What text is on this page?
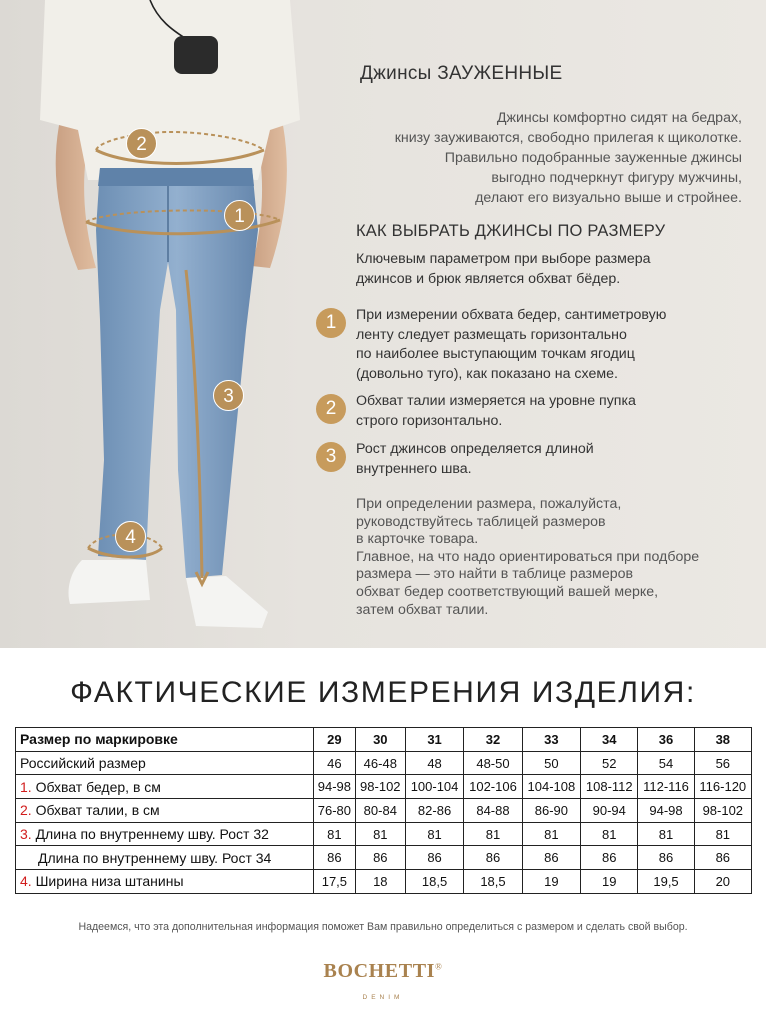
2
1
3
4
Джинсы ЗАУЖЕННЫЕ
Джинсы комфортно сидят на бедрах,
книзу зауживаются, свободно прилегая к щиколотке.
Правильно подобранные зауженные джинсы
выгодно подчеркнут фигуру мужчины,
делают его визуально выше и стройнее.
КАК ВЫБРАТЬ ДЖИНСЫ ПО РАЗМЕРУ
Ключевым параметром при выборе размера
джинсов и брюк является обхват бёдер.
1	При измерении обхвата бедер, сантиметровую
ленту следует размещать горизонтально
по наиболее выступающим точкам ягодиц
(довольно туго), как показано на схеме.
2	Обхват талии измеряется на уровне пупка
строго горизонтально.
3	Рост джинсов определяется длиной
внутреннего шва.
При определении размера, пожалуйста,
руководствуйтесь таблицей размеров
в карточке товара.
Главное, на что надо ориентироваться при подборе
размера — это найти в таблице размеров
обхват бедер соответствующий вашей мерке,
затем обхват талии.
ФАКТИЧЕСКИЕ ИЗМЕРЕНИЯ ИЗДЕЛИЯ:
Размер по маркировке	29	30	31	32	33	34	36	38
Российский размер	46	46-48	48	48-50	50	52	54	56
1. Обхват бедер, в см	94-98	98-102	100-104	102-106	104-108	108-112	112-116	116-120
2. Обхват талии, в см	76-80	80-84	82-86	84-88	86-90	90-94	94-98	98-102
3. Длина по внутреннему шву. Рост 32	81	81	81	81	81	81	81	81
Длина по внутреннему шву. Рост 34	86	86	86	86	86	86	86	86
4. Ширина низа штанины	17,5	18	18,5	18,5	19	19	19,5	20
Надеемся, что эта дополнительная информация поможет Вам правильно определиться с размером и сделать свой выбор.
BOCHETTI®
DENIM
